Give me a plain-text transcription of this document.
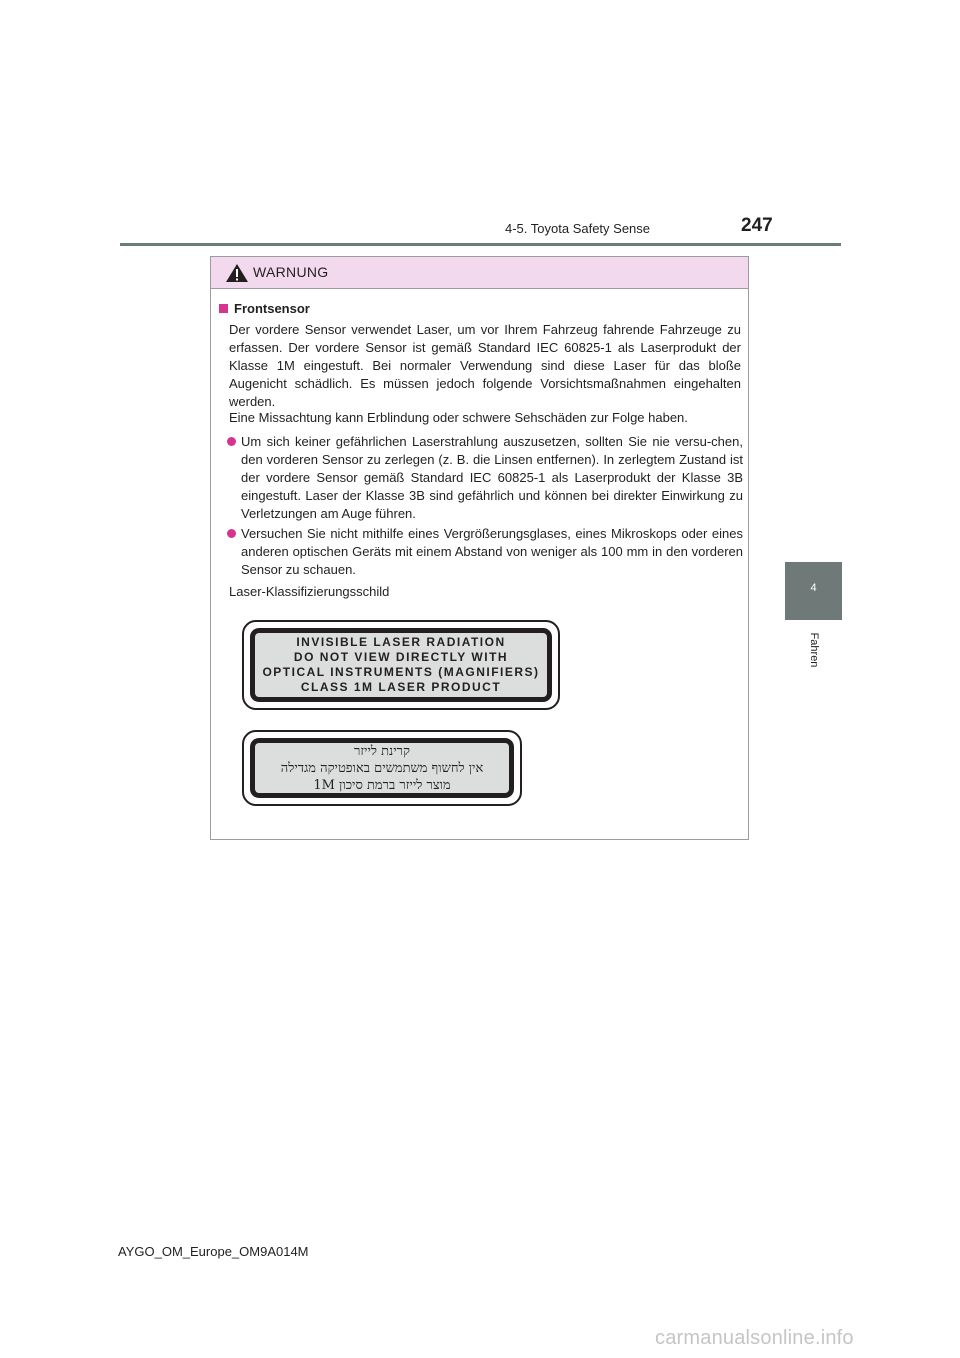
4-5. Toyota Safety Sense	247
4
Fahren
WARNUNG
Frontsensor
Der vordere Sensor verwendet Laser, um vor Ihrem Fahrzeug fahrende Fahrzeuge zu erfassen. Der vordere Sensor ist gemäß Standard IEC 60825-1 als Laserprodukt der Klasse 1M eingestuft. Bei normaler Verwendung sind diese Laser für das bloße Augenicht schädlich. Es müssen jedoch folgende Vorsichtsmaßnahmen eingehalten werden.
Eine Missachtung kann Erblindung oder schwere Sehschäden zur Folge haben.
Um sich keiner gefährlichen Laserstrahlung auszusetzen, sollten Sie nie versu-chen, den vorderen Sensor zu zerlegen (z. B. die Linsen entfernen). In zerlegtem Zustand ist der vordere Sensor gemäß Standard IEC 60825-1 als Laserprodukt der Klasse 3B eingestuft. Laser der Klasse 3B sind gefährlich und können bei direkter Einwirkung zu Verletzungen am Auge führen.
Versuchen Sie nicht mithilfe eines Vergrößerungsglases, eines Mikroskops oder eines anderen optischen Geräts mit einem Abstand von weniger als 100 mm in den vorderen Sensor zu schauen.
Laser-Klassifizierungsschild
INVISIBLE LASER RADIATION
DO NOT VIEW DIRECTLY WITH
OPTICAL INSTRUMENTS (MAGNIFIERS)
CLASS 1M LASER PRODUCT
קרינת לייזר
אין לחשוף משתמשים באופטיקה מגדילה
מוצר לייזר ברמת סיכון 1M
AYGO_OM_Europe_OM9A014M
carmanualsonline.info
